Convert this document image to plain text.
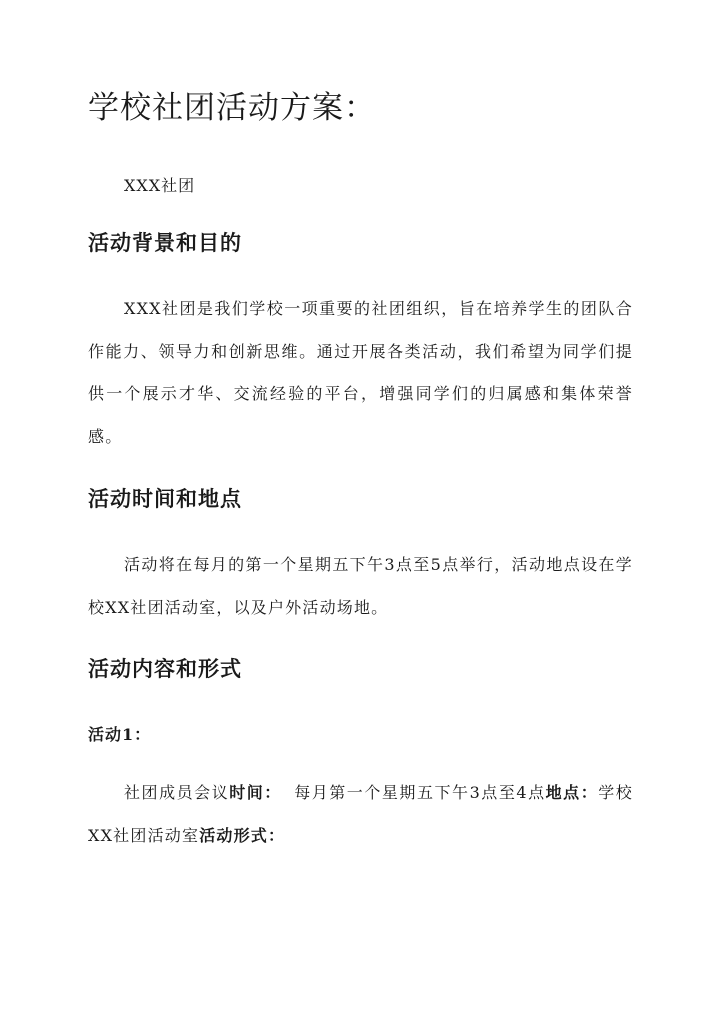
学校社团活动方案：

XXX社团

活动背景和目的

XXX社团是我们学校一项重要的社团组织，旨在培养学生的团队合作能力、领导力和创新思维。通过开展各类活动，我们希望为同学们提供一个展示才华、交流经验的平台，增强同学们的归属感和集体荣誉感。

活动时间和地点

活动将在每月的第一个星期五下午3点至5点举行，活动地点设在学校XX社团活动室，以及户外活动场地。

活动内容和形式
活动1：

社团成员会议时间： 每月第一个星期五下午3点至4点地点：学校XX社团活动室活动形式：
